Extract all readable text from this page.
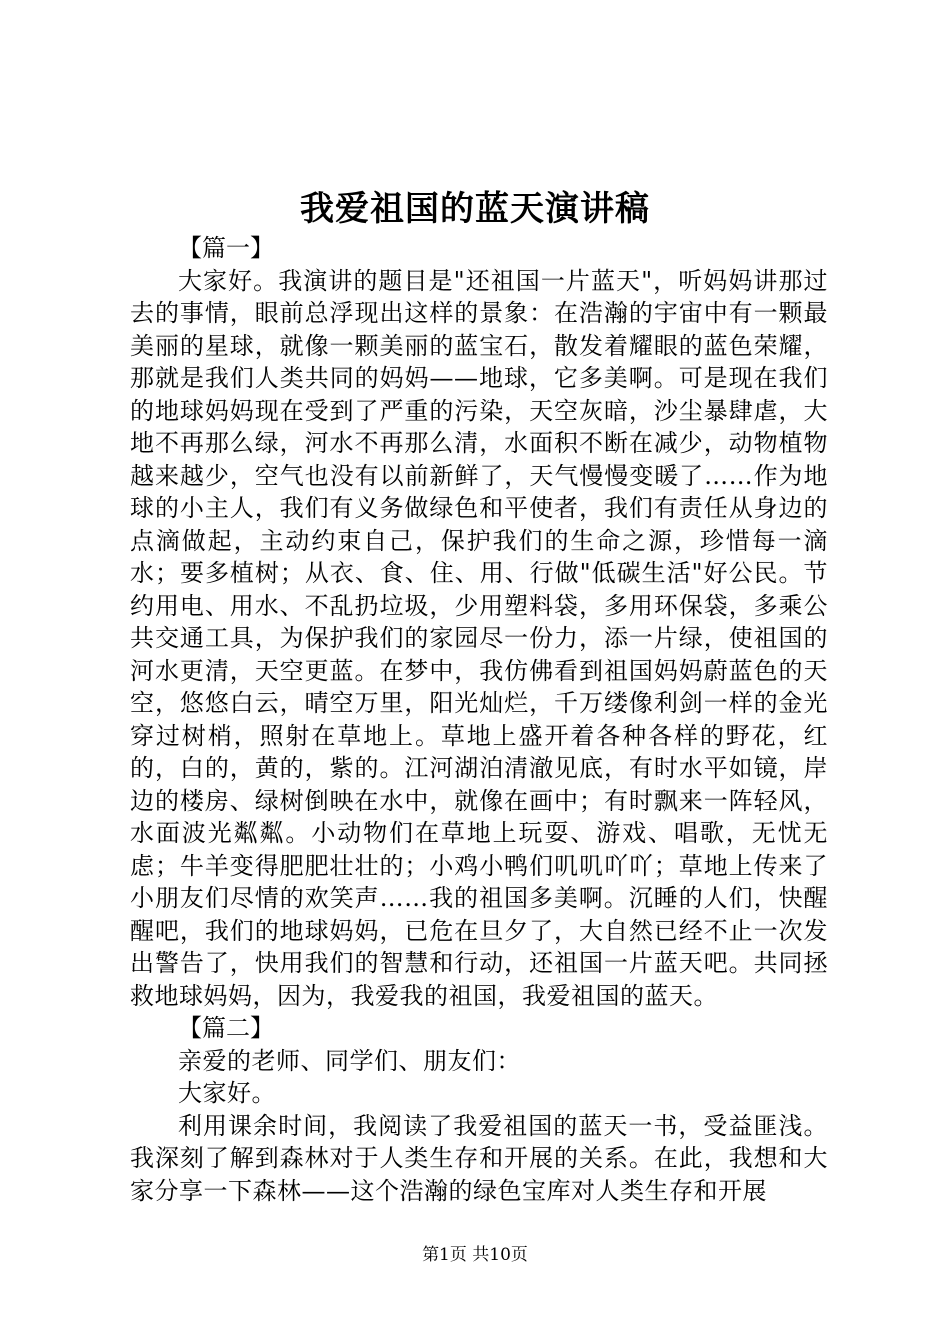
我爱祖国的蓝天演讲稿

【篇一】

大家好。我演讲的题目是"还祖国一片蓝天"，听妈妈讲那过去的事情，眼前总浮现出这样的景象：在浩瀚的宇宙中有一颗最美丽的星球，就像一颗美丽的蓝宝石，散发着耀眼的蓝色荣耀，那就是我们人类共同的妈妈——地球，它多美啊。可是现在我们的地球妈妈现在受到了严重的污染，天空灰暗，沙尘暴肆虐，大地不再那么绿，河水不再那么清，水面积不断在减少，动物植物越来越少，空气也没有以前新鲜了，天气慢慢变暖了……作为地球的小主人，我们有义务做绿色和平使者，我们有责任从身边的点滴做起，主动约束自己，保护我们的生命之源，珍惜每一滴水；要多植树；从衣、食、住、用、行做"低碳生活"好公民。节约用电、用水、不乱扔垃圾，少用塑料袋，多用环保袋，多乘公共交通工具，为保护我们的家园尽一份力，添一片绿，使祖国的河水更清，天空更蓝。在梦中，我仿佛看到祖国妈妈蔚蓝色的天空，悠悠白云，晴空万里，阳光灿烂，千万缕像利剑一样的金光穿过树梢，照射在草地上。草地上盛开着各种各样的野花，红的，白的，黄的，紫的。江河湖泊清澈见底，有时水平如镜，岸边的楼房、绿树倒映在水中，就像在画中；有时飘来一阵轻风，水面波光粼粼。小动物们在草地上玩耍、游戏、唱歌，无忧无虑；牛羊变得肥肥壮壮的；小鸡小鸭们叽叽吖吖；草地上传来了小朋友们尽情的欢笑声……我的祖国多美啊。沉睡的人们，快醒醒吧，我们的地球妈妈，已危在旦夕了，大自然已经不止一次发出警告了，快用我们的智慧和行动，还祖国一片蓝天吧。共同拯救地球妈妈，因为，我爱我的祖国，我爱祖国的蓝天。

【篇二】

亲爱的老师、同学们、朋友们：

大家好。

利用课余时间，我阅读了我爱祖国的蓝天一书，受益匪浅。我深刻了解到森林对于人类生存和开展的关系。在此，我想和大家分享一下森林——这个浩瀚的绿色宝库对人类生存和开展

第1页 共10页
